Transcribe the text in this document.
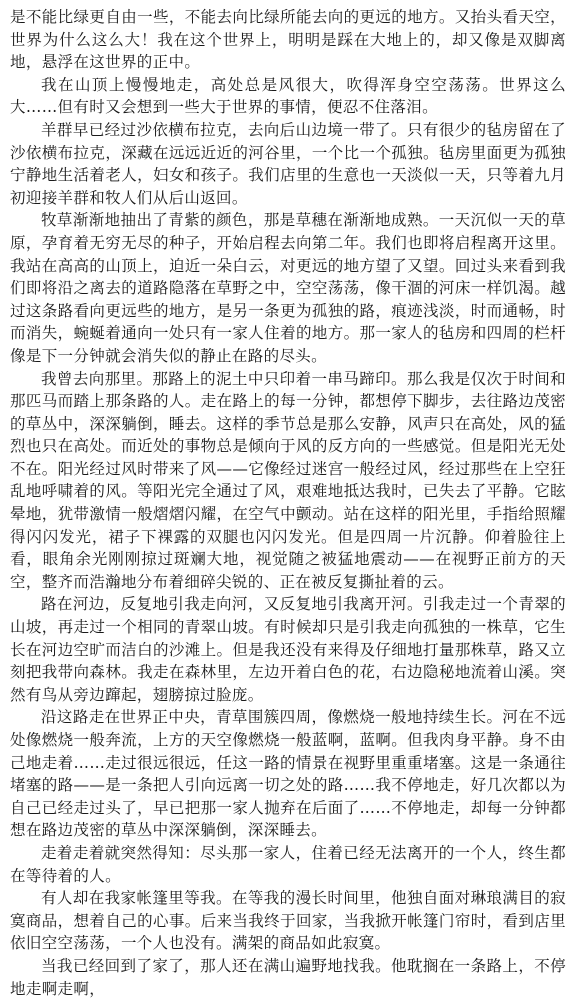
是不能比绿更自由一些，不能去向比绿所能去向的更远的地方。又抬头看天空，世界为什么这么大！我在这个世界上，明明是踩在大地上的，却又像是双脚离地，悬浮在这世界的正中。

我在山顶上慢慢地走，高处总是风很大，吹得浑身空空荡荡。世界这么大……但有时又会想到一些大于世界的事情，便忍不住落泪。

羊群早已经过沙依横布拉克，去向后山边境一带了。只有很少的毡房留在了沙依横布拉克，深藏在远远近近的河谷里，一个比一个孤独。毡房里面更为孤独宁静地生活着老人，妇女和孩子。我们店里的生意也一天淡似一天，只等着九月初迎接羊群和牧人们从后山返回。

牧草渐渐地抽出了青紫的颜色，那是草穗在渐渐地成熟。一天沉似一天的草原，孕育着无穷无尽的种子，开始启程去向第二年。我们也即将启程离开这里。我站在高高的山顶上，迫近一朵白云，对更远的地方望了又望。回过头来看到我们即将沿之离去的道路隐落在草野之中，空空荡荡，像干涸的河床一样饥渴。越过这条路看向更远些的地方，是另一条更为孤独的路，痕迹浅淡，时而通畅，时而消失，蜿蜒着通向一处只有一家人住着的地方。那一家人的毡房和四周的栏杆像是下一分钟就会消失似的静止在路的尽头。

我曾去向那里。那路上的泥土中只印着一串马蹄印。那么我是仅次于时间和那匹马而踏上那条路的人。走在路上的每一分钟，都想停下脚步，去往路边茂密的草丛中，深深躺倒，睡去。这样的季节总是那么安静，风声只在高处，风的猛烈也只在高处。而近处的事物总是倾向于风的反方向的一些感觉。但是阳光无处不在。阳光经过风时带来了风——它像经过迷宫一般经过风，经过那些在上空狂乱地呼啸着的风。等阳光完全通过了风，艰难地抵达我时，已失去了平静。它眩晕地，犹带激情一般熠熠闪耀，在空气中颤动。站在这样的阳光里，手指给照耀得闪闪发光，裙子下裸露的双腿也闪闪发光。但是四周一片沉静。仰着脸往上看，眼角余光刚刚掠过斑斓大地，视觉随之被猛地震动——在视野正前方的天空，整齐而浩瀚地分布着细碎尖锐的、正在被反复撕扯着的云。

路在河边，反复地引我走向河，又反复地引我离开河。引我走过一个青翠的山坡，再走过一个相同的青翠山坡。有时候却只是引我走向孤独的一株草，它生长在河边空旷而洁白的沙滩上。但是我还没有来得及仔细地打量那株草，路又立刻把我带向森林。我走在森林里，左边开着白色的花，右边隐秘地流着山溪。突然有鸟从旁边蹿起，翅膀掠过脸庞。

沿这路走在世界正中央，青草围簇四周，像燃烧一般地持续生长。河在不远处像燃烧一般奔流，上方的天空像燃烧一般蓝啊，蓝啊。但我肉身平静。身不由己地走着……走过很远很远，任这一路的情景在视野里重重堵塞。这是一条通往堵塞的路——是一条把人引向远离一切之处的路……我不停地走，好几次都以为自己已经走过头了，早已把那一家人抛弃在后面了……不停地走，却每一分钟都想在路边茂密的草丛中深深躺倒，深深睡去。

走着走着就突然得知：尽头那一家人，住着已经无法离开的一个人，终生都在等待着的人。

有人却在我家帐篷里等我。在等我的漫长时间里，他独自面对琳琅满目的寂寞商品，想着自己的心事。后来当我终于回家，当我掀开帐篷门帘时，看到店里依旧空空荡荡，一个人也没有。满架的商品如此寂寞。

当我已经回到了家了，那人还在满山遍野地找我。他耽搁在一条路上，不停地走啊走啊，
